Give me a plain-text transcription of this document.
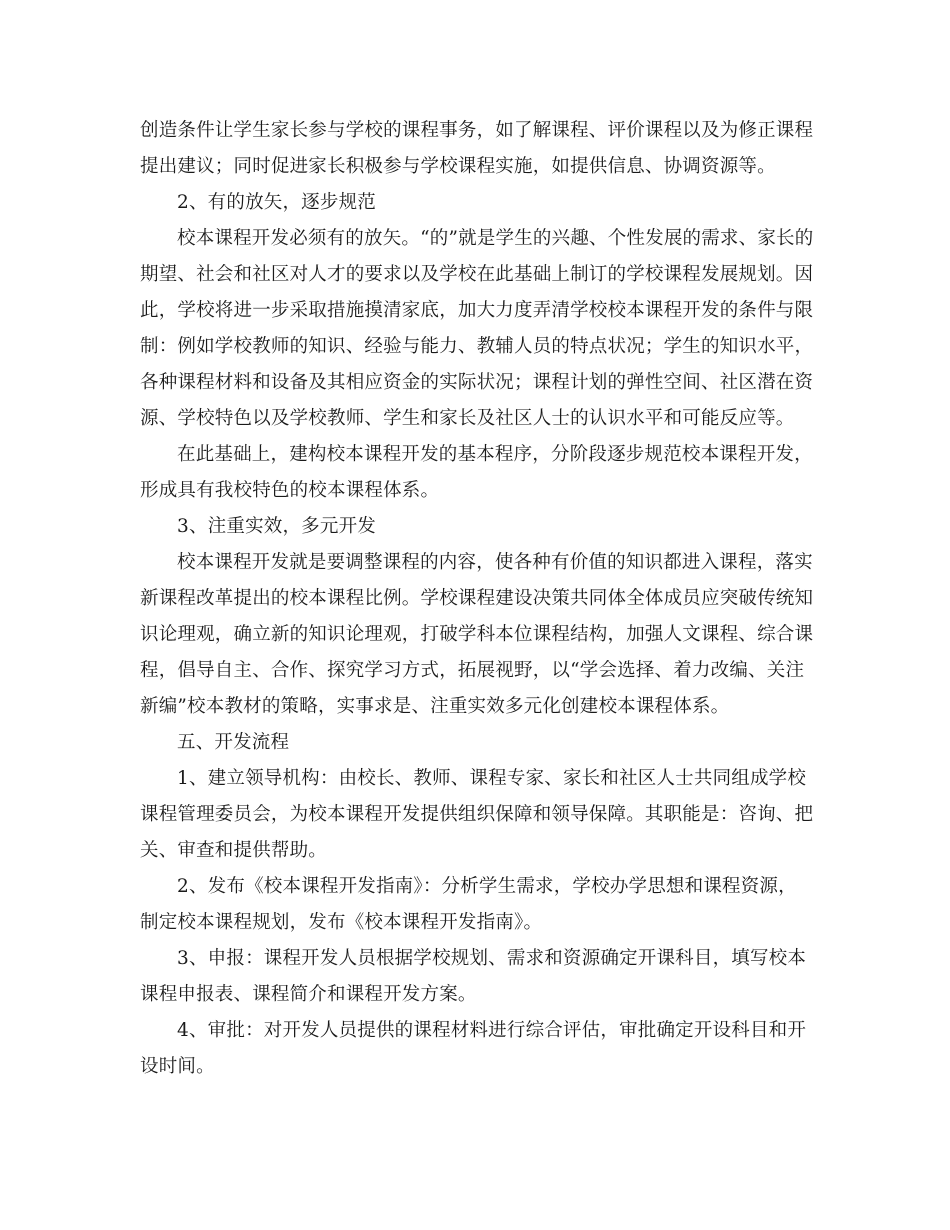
创造条件让学生家长参与学校的课程事务，如了解课程、评价课程以及为修正课程
提出建议；同时促进家长积极参与学校课程实施，如提供信息、协调资源等。
2、有的放矢，逐步规范
校本课程开发必须有的放矢。“的”就是学生的兴趣、个性发展的需求、家长的
期望、社会和社区对人才的要求以及学校在此基础上制订的学校课程发展规划。因
此，学校将进一步采取措施摸清家底，加大力度弄清学校校本课程开发的条件与限
制：例如学校教师的知识、经验与能力、教辅人员的特点状况；学生的知识水平，
各种课程材料和设备及其相应资金的实际状况；课程计划的弹性空间、社区潜在资
源、学校特色以及学校教师、学生和家长及社区人士的认识水平和可能反应等。
在此基础上，建构校本课程开发的基本程序，分阶段逐步规范校本课程开发，
形成具有我校特色的校本课程体系。
3、注重实效，多元开发
校本课程开发就是要调整课程的内容，使各种有价值的知识都进入课程，落实
新课程改革提出的校本课程比例。学校课程建设决策共同体全体成员应突破传统知
识论理观，确立新的知识论理观，打破学科本位课程结构，加强人文课程、综合课
程，倡导自主、合作、探究学习方式，拓展视野，以“学会选择、着力改编、关注
新编”校本教材的策略，实事求是、注重实效多元化创建校本课程体系。
五、开发流程
1、建立领导机构：由校长、教师、课程专家、家长和社区人士共同组成学校
课程管理委员会，为校本课程开发提供组织保障和领导保障。其职能是：咨询、把
关、审查和提供帮助。
2、发布《校本课程开发指南》：分析学生需求，学校办学思想和课程资源，
制定校本课程规划，发布《校本课程开发指南》。
3、申报：课程开发人员根据学校规划、需求和资源确定开课科目，填写校本
课程申报表、课程简介和课程开发方案。
4、审批：对开发人员提供的课程材料进行综合评估，审批确定开设科目和开
设时间。
